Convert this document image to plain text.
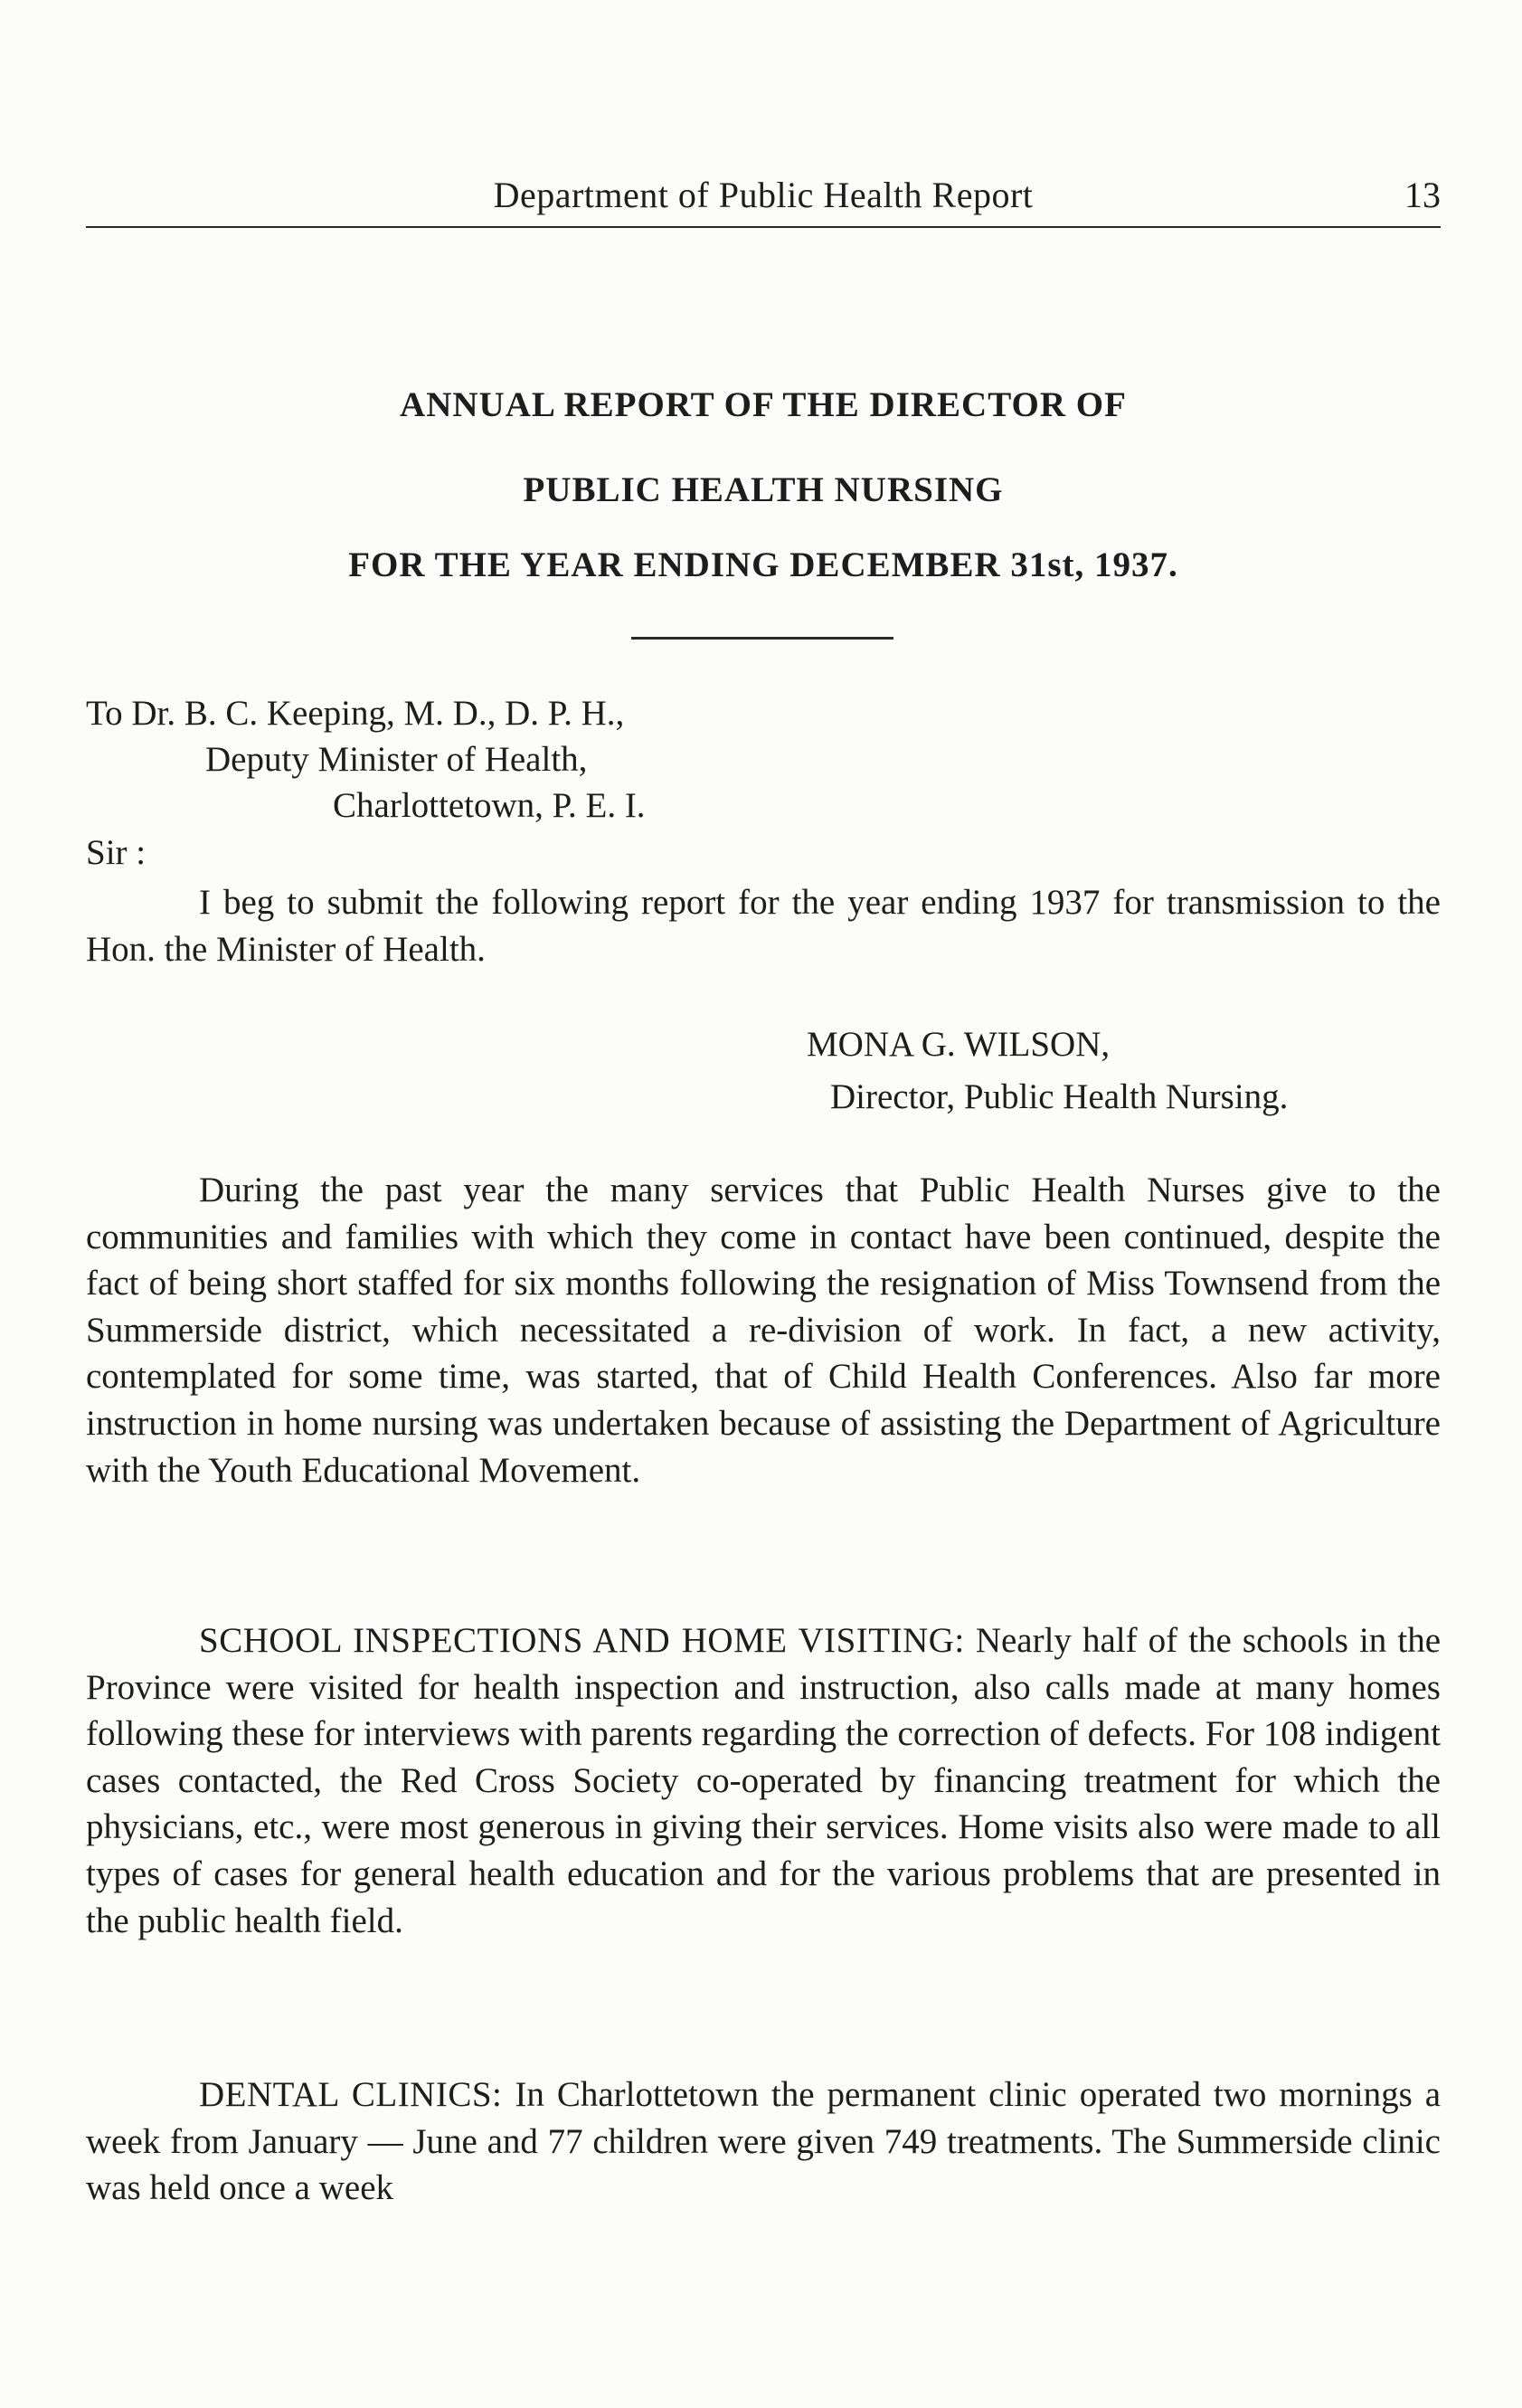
Department of Public Health Report	13
ANNUAL REPORT OF THE DIRECTOR OF
PUBLIC HEALTH NURSING
FOR THE YEAR ENDING DECEMBER 31st, 1937.
To Dr. B. C. Keeping, M. D., D. P. H.,
Deputy Minister of Health,
Charlottetown, P. E. I.
Sir :
I beg to submit the following report for the year ending 1937 for transmission to the Hon. the Minister of Health.
MONA G. WILSON,
Director, Public Health Nursing.
During the past year the many services that Public Health Nurses give to the communities and families with which they come in contact have been continued, despite the fact of being short staffed for six months following the resignation of Miss Townsend from the Summerside district, which necessitated a re-division of work. In fact, a new activity, contemplated for some time, was started, that of Child Health Conferences. Also far more instruction in home nursing was undertaken because of assisting the Department of Agriculture with the Youth Educational Movement.
SCHOOL INSPECTIONS AND HOME VISITING: Nearly half of the schools in the Province were visited for health inspection and instruction, also calls made at many homes following these for interviews with parents regarding the correction of defects. For 108 indigent cases contacted, the Red Cross Society co-operated by financing treatment for which the physicians, etc., were most generous in giving their services. Home visits also were made to all types of cases for general health education and for the various problems that are presented in the public health field.
DENTAL CLINICS: In Charlottetown the permanent clinic operated two mornings a week from January — June and 77 children were given 749 treatments. The Summerside clinic was held once a week
